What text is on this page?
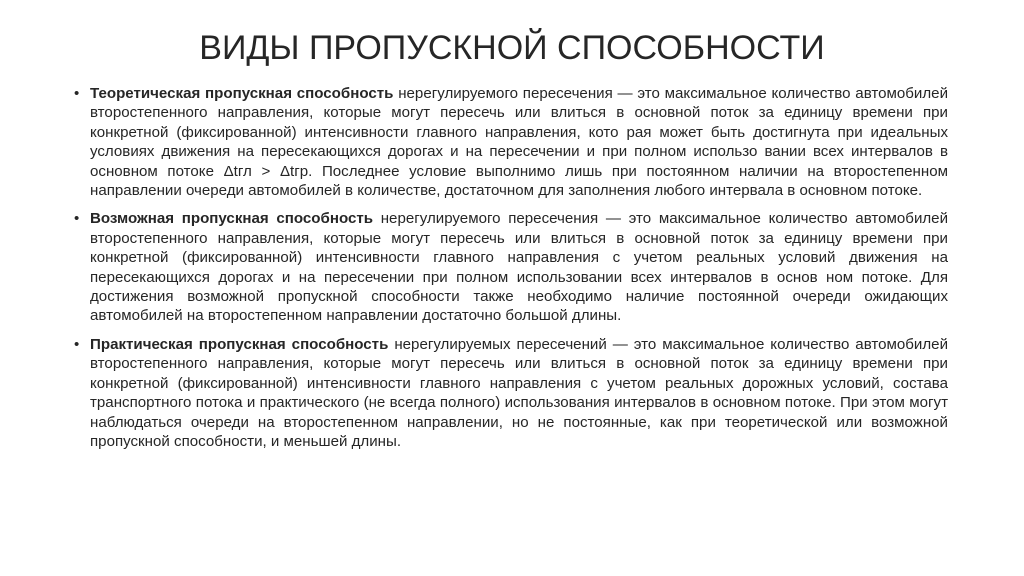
ВИДЫ ПРОПУСКНОЙ СПОСОБНОСТИ
• Теоретическая пропускная способность нерегулируемого пересечения — это максимальное количество автомобилей второстепенного направления, которые могут пересечь или влиться в основной поток за единицу времени при конкретной (фиксированной) интенсивности главного направления, кото рая может быть достигнута при идеальных условиях движения на пересекающихся дорогах и на пересечении и при полном использо вании всех интервалов в основном потоке Δtгл > Δtгр. Последнее условие выполнимо лишь при постоянном наличии на второстепенном направлении очереди автомобилей в количестве, достаточном для заполнения любого интервала в основном потоке.
• Возможная пропускная способность нерегулируемого пересечения — это максимальное количество автомобилей второстепенного направления, которые могут пересечь или влиться в основной поток за единицу времени при конкретной (фиксированной) интенсивности главного направления с учетом реальных условий движения на пересекающихся дорогах и на пересечении при полном использовании всех интервалов в основ ном потоке. Для достижения возможной пропускной способности также необходимо наличие постоянной очереди ожидающих автомобилей на второстепенном направлении достаточно большой длины.
• Практическая пропускная способность нерегулируемых пересечений — это максимальное количество автомобилей второстепенного направления, которые могут пересечь или влиться в основной поток за единицу времени при конкретной (фиксированной) интенсивности главного направления с учетом реальных дорожных условий, состава транспортного потока и практического (не всегда полного) использования интервалов в основном потоке. При этом могут наблюдаться очереди на второстепенном направлении, но не постоянные, как при теоретической или возможной пропускной способности, и меньшей длины.
